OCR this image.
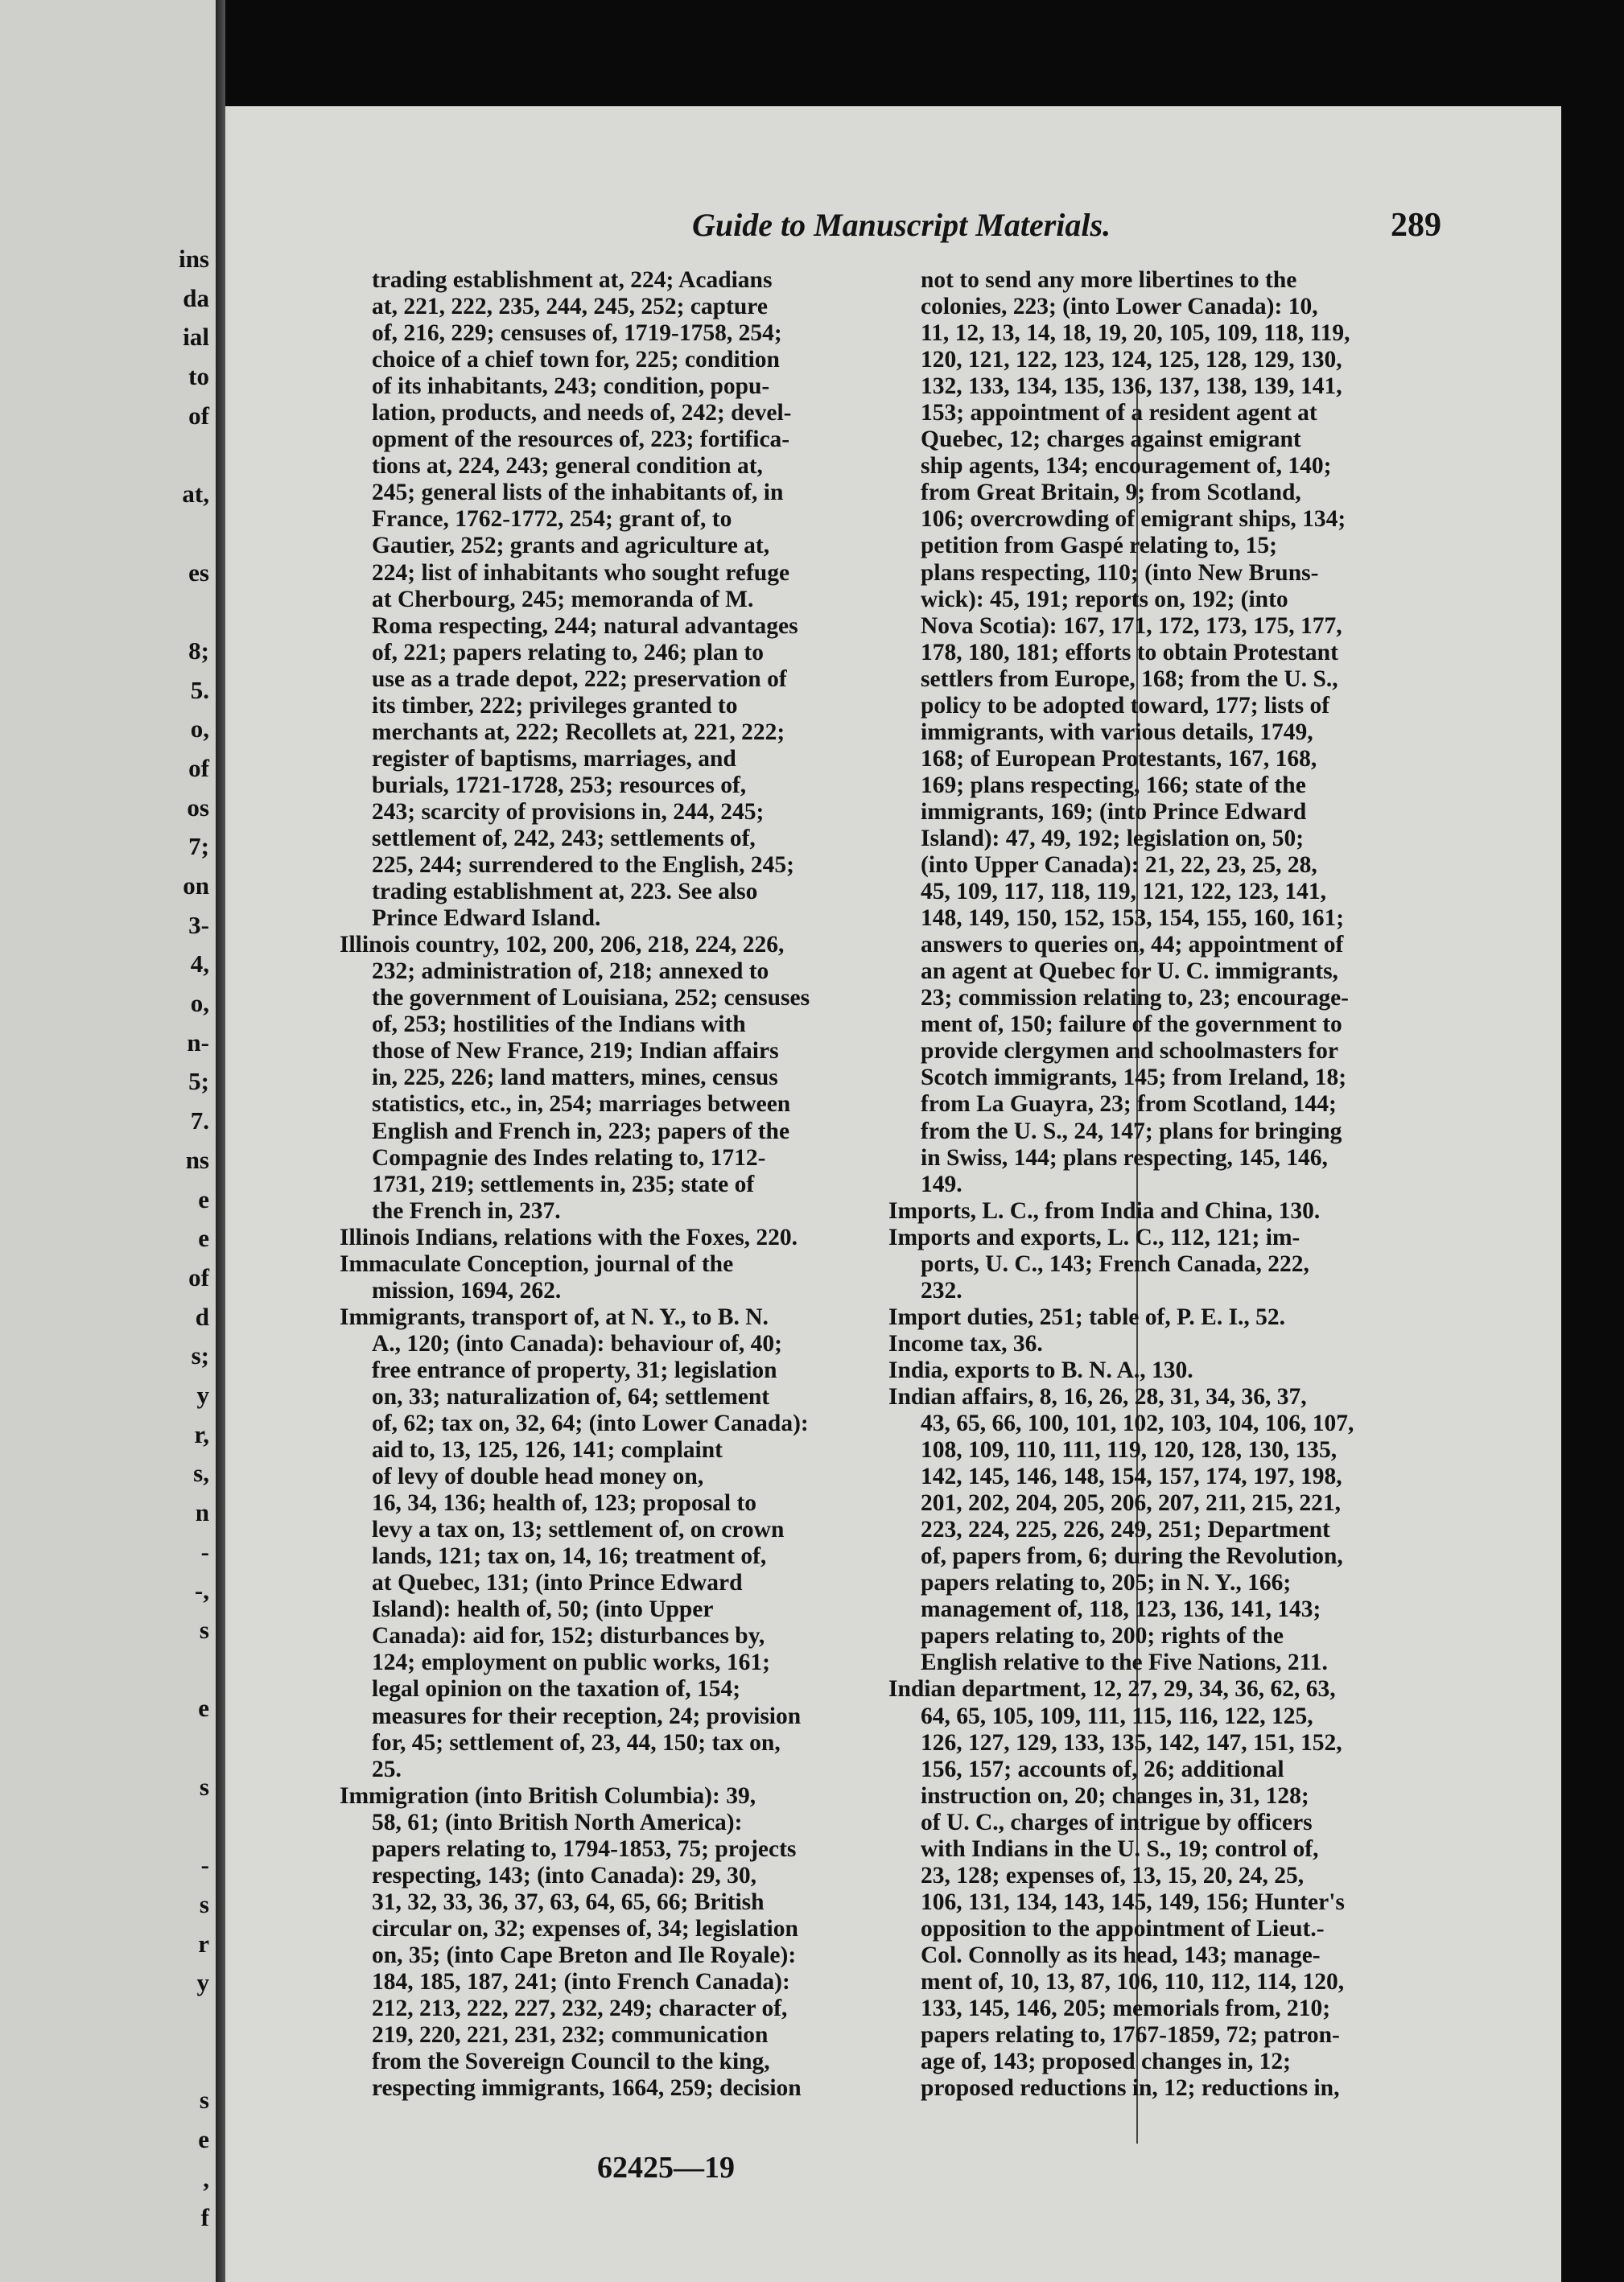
ins
da
ial
to
of
at,
es
8;
5.
o,
of
os
7;
on
3-
4,
o,
n-
5;
7.
ns
e
e
of
d
s;
y
r,
s,
n
-
-,
s
e
s
-
s
r
y
s
e
,
f
Guide to Manuscript Materials.	289
trading establishment at, 224; Acadians
at, 221, 222, 235, 244, 245, 252; capture
of, 216, 229; censuses of, 1719-1758, 254;
choice of a chief town for, 225; condition
of its inhabitants, 243; condition, popu-
lation, products, and needs of, 242; devel-
opment of the resources of, 223; fortifica-
tions at, 224, 243; general condition at,
245; general lists of the inhabitants of, in
France, 1762-1772, 254; grant of, to
Gautier, 252; grants and agriculture at,
224; list of inhabitants who sought refuge
at Cherbourg, 245; memoranda of M.
Roma respecting, 244; natural advantages
of, 221; papers relating to, 246; plan to
use as a trade depot, 222; preservation of
its timber, 222; privileges granted to
merchants at, 222; Recollets at, 221, 222;
register of baptisms, marriages, and
burials, 1721-1728, 253; resources of,
243; scarcity of provisions in, 244, 245;
settlement of, 242, 243; settlements of,
225, 244; surrendered to the English, 245;
trading establishment at, 223. See also
Prince Edward Island.
Illinois country, 102, 200, 206, 218, 224, 226,
232; administration of, 218; annexed to
the government of Louisiana, 252; censuses
of, 253; hostilities of the Indians with
those of New France, 219; Indian affairs
in, 225, 226; land matters, mines, census
statistics, etc., in, 254; marriages between
English and French in, 223; papers of the
Compagnie des Indes relating to, 1712-
1731, 219; settlements in, 235; state of
the French in, 237.
Illinois Indians, relations with the Foxes, 220.
Immaculate Conception, journal of the
mission, 1694, 262.
Immigrants, transport of, at N. Y., to B. N.
A., 120; (into Canada): behaviour of, 40;
free entrance of property, 31; legislation
on, 33; naturalization of, 64; settlement
of, 62; tax on, 32, 64; (into Lower Canada):
aid to, 13, 125, 126, 141; complaint
of levy of double head money on,
16, 34, 136; health of, 123; proposal to
levy a tax on, 13; settlement of, on crown
lands, 121; tax on, 14, 16; treatment of,
at Quebec, 131; (into Prince Edward
Island): health of, 50; (into Upper
Canada): aid for, 152; disturbances by,
124; employment on public works, 161;
legal opinion on the taxation of, 154;
measures for their reception, 24; provision
for, 45; settlement of, 23, 44, 150; tax on,
25.
Immigration (into British Columbia): 39,
58, 61; (into British North America):
papers relating to, 1794-1853, 75; projects
respecting, 143; (into Canada): 29, 30,
31, 32, 33, 36, 37, 63, 64, 65, 66; British
circular on, 32; expenses of, 34; legislation
on, 35; (into Cape Breton and Ile Royale):
184, 185, 187, 241; (into French Canada):
212, 213, 222, 227, 232, 249; character of,
219, 220, 221, 231, 232; communication
from the Sovereign Council to the king,
respecting immigrants, 1664, 259; decision
not to send any more libertines to the
colonies, 223; (into Lower Canada): 10,
11, 12, 13, 14, 18, 19, 20, 105, 109, 118, 119,
120, 121, 122, 123, 124, 125, 128, 129, 130,
132, 133, 134, 135, 136, 137, 138, 139, 141,
153; appointment of a resident agent at
Quebec, 12; charges against emigrant
ship agents, 134; encouragement of, 140;
from Great Britain, 9; from Scotland,
106; overcrowding of emigrant ships, 134;
petition from Gaspé relating to, 15;
plans respecting, 110; (into New Bruns-
wick): 45, 191; reports on, 192; (into
Nova Scotia): 167, 171, 172, 173, 175, 177,
178, 180, 181; efforts to obtain Protestant
settlers from Europe, 168; from the U. S.,
policy to be adopted toward, 177; lists of
immigrants, with various details, 1749,
168; of European Protestants, 167, 168,
169; plans respecting, 166; state of the
immigrants, 169; (into Prince Edward
Island): 47, 49, 192; legislation on, 50;
(into Upper Canada): 21, 22, 23, 25, 28,
45, 109, 117, 118, 119, 121, 122, 123, 141,
148, 149, 150, 152, 153, 154, 155, 160, 161;
answers to queries on, 44; appointment of
an agent at Quebec for U. C. immigrants,
23; commission relating to, 23; encourage-
ment of, 150; failure of the government to
provide clergymen and schoolmasters for
Scotch immigrants, 145; from Ireland, 18;
from La Guayra, 23; from Scotland, 144;
from the U. S., 24, 147; plans for bringing
in Swiss, 144; plans respecting, 145, 146,
149.
Imports, L. C., from India and China, 130.
Imports and exports, L. C., 112, 121; im-
ports, U. C., 143; French Canada, 222,
232.
Import duties, 251; table of, P. E. I., 52.
Income tax, 36.
India, exports to B. N. A., 130.
Indian affairs, 8, 16, 26, 28, 31, 34, 36, 37,
43, 65, 66, 100, 101, 102, 103, 104, 106, 107,
108, 109, 110, 111, 119, 120, 128, 130, 135,
142, 145, 146, 148, 154, 157, 174, 197, 198,
201, 202, 204, 205, 206, 207, 211, 215, 221,
223, 224, 225, 226, 249, 251; Department
of, papers from, 6; during the Revolution,
papers relating to, 205; in N. Y., 166;
management of, 118, 123, 136, 141, 143;
papers relating to, 200; rights of the
English relative to the Five Nations, 211.
Indian department, 12, 27, 29, 34, 36, 62, 63,
64, 65, 105, 109, 111, 115, 116, 122, 125,
126, 127, 129, 133, 135, 142, 147, 151, 152,
156, 157; accounts of, 26; additional
instruction on, 20; changes in, 31, 128;
of U. C., charges of intrigue by officers
with Indians in the U. S., 19; control of,
23, 128; expenses of, 13, 15, 20, 24, 25,
106, 131, 134, 143, 145, 149, 156; Hunter's
opposition to the appointment of Lieut.-
Col. Connolly as its head, 143; manage-
ment of, 10, 13, 87, 106, 110, 112, 114, 120,
133, 145, 146, 205; memorials from, 210;
papers relating to, 1767-1859, 72; patron-
age of, 143; proposed changes in, 12;
proposed reductions in, 12; reductions in,
62425—19
